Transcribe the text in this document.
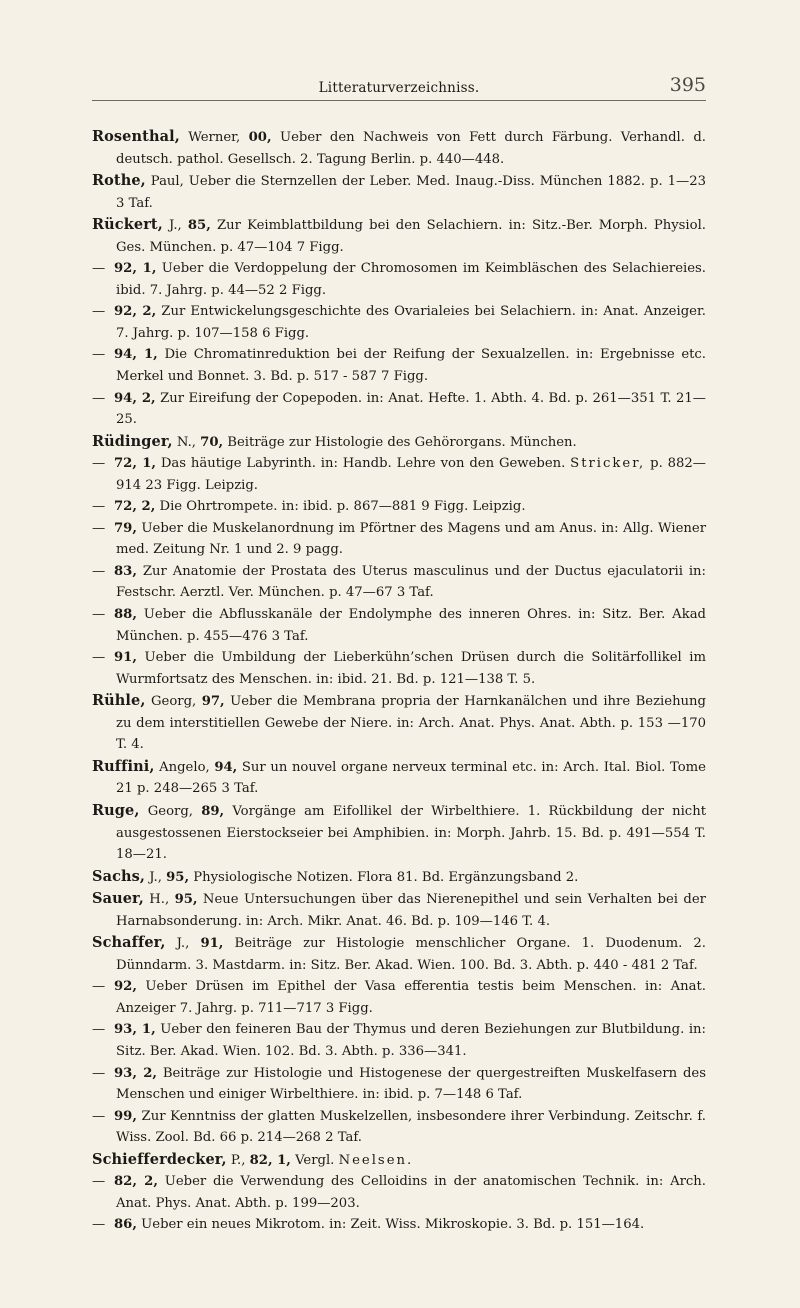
Litteraturverzeichniss.	395
Rosenthal, Werner, 00, Ueber den Nachweis von Fett durch Färbung. Verhandl. d. deutsch. pathol. Gesellsch. 2. Tagung Berlin. p. 440—448.
Rothe, Paul, Ueber die Sternzellen der Leber. Med. Inaug.-Diss. München 1882. p. 1—23 3 Taf.
Rückert, J., 85, Zur Keimblattbildung bei den Selachiern. in: Sitz.-Ber. Morph. Physiol. Ges. München. p. 47—104 7 Figg.
— 92, 1, Ueber die Verdoppelung der Chromosomen im Keimbläschen des Selachiereies. ibid. 7. Jahrg. p. 44—52 2 Figg.
— 92, 2, Zur Entwickelungsgeschichte des Ovarialeies bei Selachiern. in: Anat. Anzeiger. 7. Jahrg. p. 107—158 6 Figg.
— 94, 1, Die Chromatinreduktion bei der Reifung der Sexualzellen. in: Ergebnisse etc. Merkel und Bonnet. 3. Bd. p. 517 - 587 7 Figg.
— 94, 2, Zur Eireifung der Copepoden. in: Anat. Hefte. 1. Abth. 4. Bd. p. 261—351 T. 21—25.
Rüdinger, N., 70, Beiträge zur Histologie des Gehörorgans. München.
— 72, 1, Das häutige Labyrinth. in: Handb. Lehre von den Geweben. Stricker, p. 882—914 23 Figg. Leipzig.
— 72, 2, Die Ohrtrompete. in: ibid. p. 867—881 9 Figg. Leipzig.
— 79, Ueber die Muskelanordnung im Pförtner des Magens und am Anus. in: Allg. Wiener med. Zeitung Nr. 1 und 2. 9 pagg.
— 83, Zur Anatomie der Prostata des Uterus masculinus und der Ductus ejaculatorii in: Festschr. Aerztl. Ver. München. p. 47—67 3 Taf.
— 88, Ueber die Abflusskanäle der Endolymphe des inneren Ohres. in: Sitz. Ber. Akad München. p. 455—476 3 Taf.
— 91, Ueber die Umbildung der Lieberkühn’schen Drüsen durch die Solitärfollikel im Wurmfortsatz des Menschen. in: ibid. 21. Bd. p. 121—138 T. 5.
Rühle, Georg, 97, Ueber die Membrana propria der Harnkanälchen und ihre Beziehung zu dem interstitiellen Gewebe der Niere. in: Arch. Anat. Phys. Anat. Abth. p. 153 —170 T. 4.
Ruffini, Angelo, 94, Sur un nouvel organe nerveux terminal etc. in: Arch. Ital. Biol. Tome 21 p. 248—265 3 Taf.
Ruge, Georg, 89, Vorgänge am Eifollikel der Wirbelthiere. 1. Rückbildung der nicht ausgestossenen Eierstockseier bei Amphibien. in: Morph. Jahrb. 15. Bd. p. 491—554 T. 18—21.
Sachs, J., 95, Physiologische Notizen. Flora 81. Bd. Ergänzungsband 2.
Sauer, H., 95, Neue Untersuchungen über das Nierenepithel und sein Verhalten bei der Harnabsonderung. in: Arch. Mikr. Anat. 46. Bd. p. 109—146 T. 4.
Schaffer, J., 91, Beiträge zur Histologie menschlicher Organe. 1. Duodenum. 2. Dünndarm. 3. Mastdarm. in: Sitz. Ber. Akad. Wien. 100. Bd. 3. Abth. p. 440 - 481 2 Taf.
— 92, Ueber Drüsen im Epithel der Vasa efferentia testis beim Menschen. in: Anat. Anzeiger 7. Jahrg. p. 711—717 3 Figg.
— 93, 1, Ueber den feineren Bau der Thymus und deren Beziehungen zur Blutbildung. in: Sitz. Ber. Akad. Wien. 102. Bd. 3. Abth. p. 336—341.
— 93, 2, Beiträge zur Histologie und Histogenese der quergestreiften Muskelfasern des Menschen und einiger Wirbelthiere. in: ibid. p. 7—148 6 Taf.
— 99, Zur Kenntniss der glatten Muskelzellen, insbesondere ihrer Verbindung. Zeitschr. f. Wiss. Zool. Bd. 66 p. 214—268 2 Taf.
Schiefferdecker, P., 82, 1, Vergl. Neelsen.
— 82, 2, Ueber die Verwendung des Celloidins in der anatomischen Technik. in: Arch. Anat. Phys. Anat. Abth. p. 199—203.
— 86, Ueber ein neues Mikrotom. in: Zeit. Wiss. Mikroskopie. 3. Bd. p. 151—164.
